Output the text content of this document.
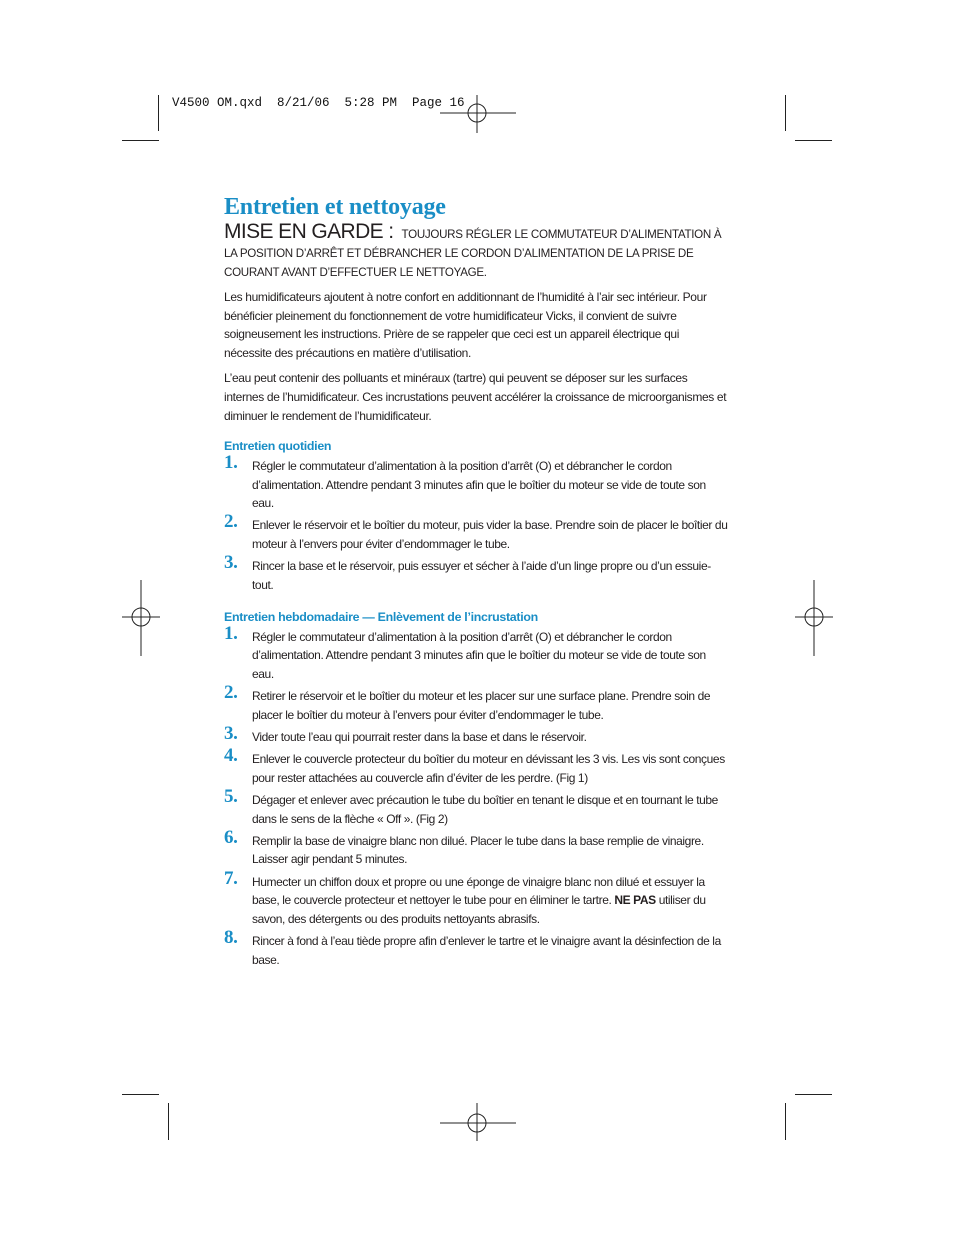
V4500 OM.qxd  8/21/06  5:28 PM  Page 16
Entretien et nettoyage
MISE EN GARDE : TOUJOURS RÉGLER LE COMMUTATEUR D’ALIMENTATION À LA POSITION D’ARRÊT ET DÉBRANCHER LE CORDON D’ALIMENTATION DE LA PRISE DE COURANT AVANT D’EFFECTUER LE NETTOYAGE.

Les humidificateurs ajoutent à notre confort en additionnant de l’humidité à l’air sec intérieur. Pour bénéficier pleinement du fonctionnement de votre humidificateur Vicks, il convient de suivre soigneusement les instructions. Prière de se rappeler que ceci est un appareil électrique qui nécessite des précautions en matière d’utilisation.

L’eau peut contenir des polluants et minéraux (tartre) qui peuvent se déposer sur les surfaces internes de l’humidificateur. Ces incrustations peuvent accélérer la croissance de microorganismes et diminuer le rendement de l’humidificateur.

Entretien quotidien
1. Régler le commutateur d’alimentation à la position d’arrêt (O) et débrancher le cordon d’alimentation. Attendre pendant 3 minutes afin que le boîtier du moteur se vide de toute son eau.
2. Enlever le réservoir et le boîtier du moteur, puis vider la base. Prendre soin de placer le boîtier du moteur à l’envers pour éviter d’endommager le tube.
3. Rincer la base et le réservoir, puis essuyer et sécher à l’aide d’un linge propre ou d’un essuie-tout.
Entretien hebdomadaire — Enlèvement de l’incrustation
1. Régler le commutateur d’alimentation à la position d’arrêt (O) et débrancher le cordon d’alimentation. Attendre pendant 3 minutes afin que le boîtier du moteur se vide de toute son eau.
2. Retirer le réservoir et le boîtier du moteur et les placer sur une surface plane. Prendre soin de placer le boîtier du moteur à l’envers pour éviter d’endommager le tube.
3. Vider toute l’eau qui pourrait rester dans la base et dans le réservoir.
4. Enlever le couvercle protecteur du boîtier du moteur en dévissant les 3 vis. Les vis sont conçues pour rester attachées au couvercle afin d’éviter de les perdre. (Fig 1)
5. Dégager et enlever avec précaution le tube du boîtier en tenant le disque et en tournant le tube dans le sens de la flèche « Off ». (Fig 2)
6. Remplir la base de vinaigre blanc non dilué. Placer le tube dans la base remplie de vinaigre. Laisser agir pendant 5 minutes.
7. Humecter un chiffon doux et propre ou une éponge de vinaigre blanc non dilué et essuyer la base, le couvercle protecteur et nettoyer le tube pour en éliminer le tartre. NE PAS utiliser du savon, des détergents ou des produits nettoyants abrasifs.
8. Rincer à fond à l’eau tiède propre afin d’enlever le tartre et le vinaigre avant la désinfection de la base.
